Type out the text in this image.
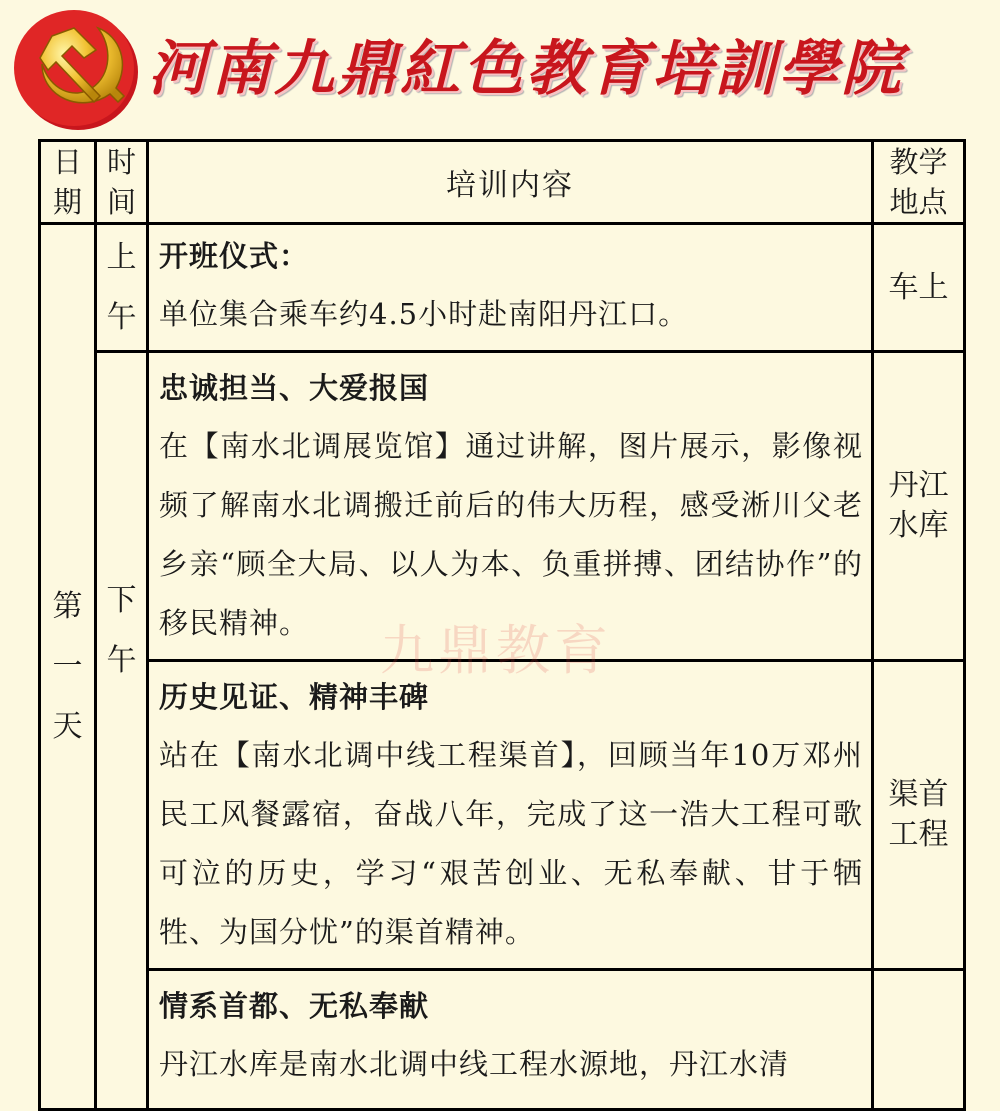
河南九鼎紅色教育培訓學院
日期	时间	培训内容	教学地点

第一天	上午	开班仪式：
单位集合乘车约4.5小时赴南阳丹江口。	车上

	下午	忠诚担当、大爱报国
在【南水北调展览馆】通过讲解，图片展示，影像视频了解南水北调搬迁前后的伟大历程，感受淅川父老乡亲“顾全大局、以人为本、负重拼搏、团结协作”的移民精神。	丹江水库

		历史见证、精神丰碑
站在【南水北调中线工程渠首】，回顾当年10万邓州民工风餐露宿，奋战八年，完成了这一浩大工程可歌可泣的历史，学习“艰苦创业、无私奉献、甘于牺牲、为国分忧”的渠首精神。	渠首工程

		情系首都、无私奉献
丹江水库是南水北调中线工程水源地，丹江水清	

九鼎教育
